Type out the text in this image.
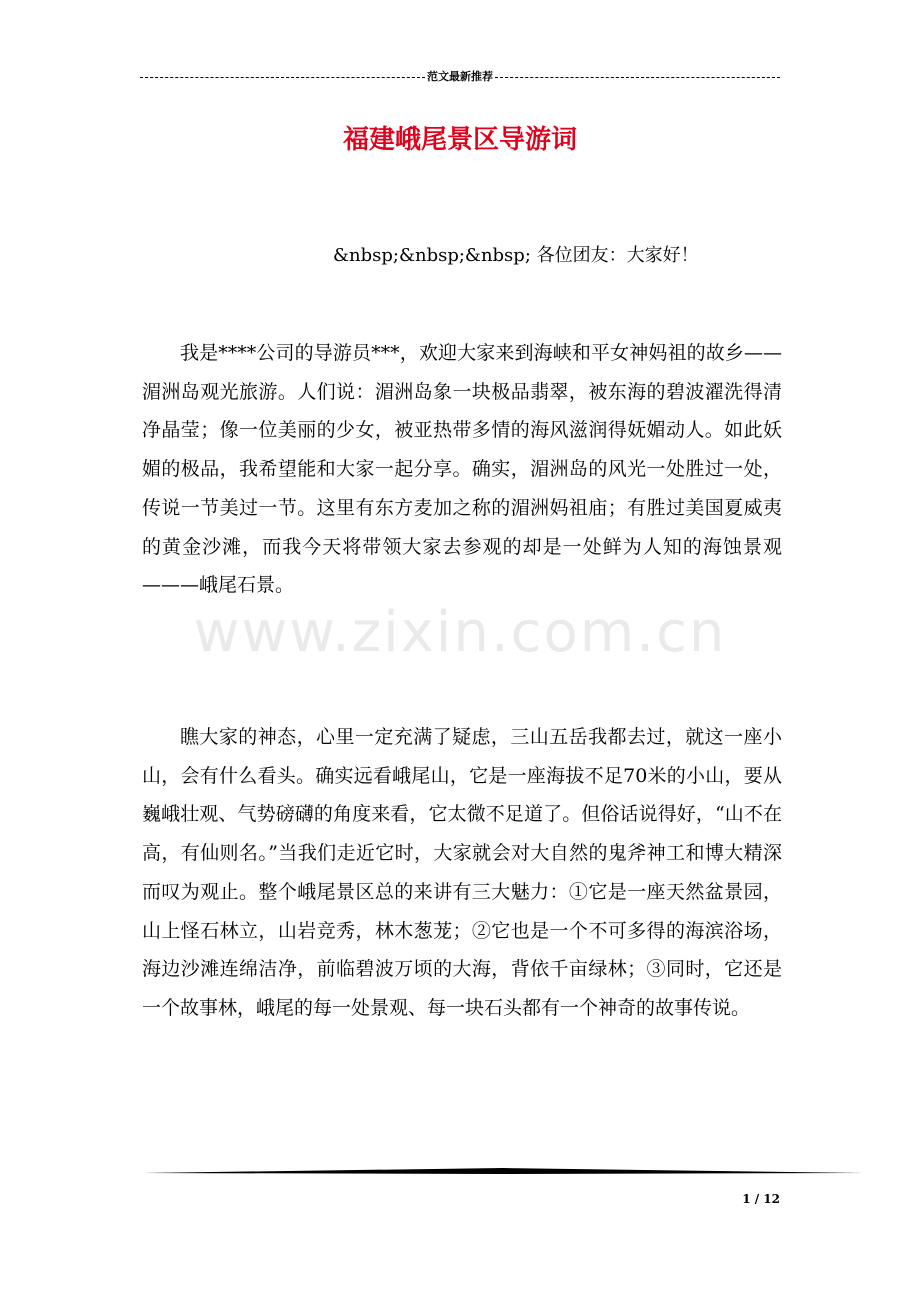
范文最新推荐
福建峨尾景区导游词
&nbsp;&nbsp;&nbsp; 各位团友：大家好！

我是****公司的导游员***，欢迎大家来到海峡和平女神妈祖的故乡——湄洲岛观光旅游。人们说：湄洲岛象一块极品翡翠，被东海的碧波濯洗得清净晶莹；像一位美丽的少女，被亚热带多情的海风滋润得妩媚动人。如此妖媚的极品，我希望能和大家一起分享。确实，湄洲岛的风光一处胜过一处，传说一节美过一节。这里有东方麦加之称的湄洲妈祖庙；有胜过美国夏威夷的黄金沙滩，而我今天将带领大家去参观的却是一处鲜为人知的海蚀景观———峨尾石景。

www.zixin.com.cn

瞧大家的神态，心里一定充满了疑虑，三山五岳我都去过，就这一座小山，会有什么看头。确实远看峨尾山，它是一座海拔不足70米的小山，要从巍峨壮观、气势磅礴的角度来看，它太微不足道了。但俗话说得好，“山不在高，有仙则名。”当我们走近它时，大家就会对大自然的鬼斧神工和博大精深而叹为观止。整个峨尾景区总的来讲有三大魅力：①它是一座天然盆景园，山上怪石林立，山岩竞秀，林木葱茏；②它也是一个不可多得的海滨浴场，海边沙滩连绵洁净，前临碧波万顷的大海，背依千亩绿林；③同时，它还是一个故事林，峨尾的每一处景观、每一块石头都有一个神奇的故事传说。

1 / 12
